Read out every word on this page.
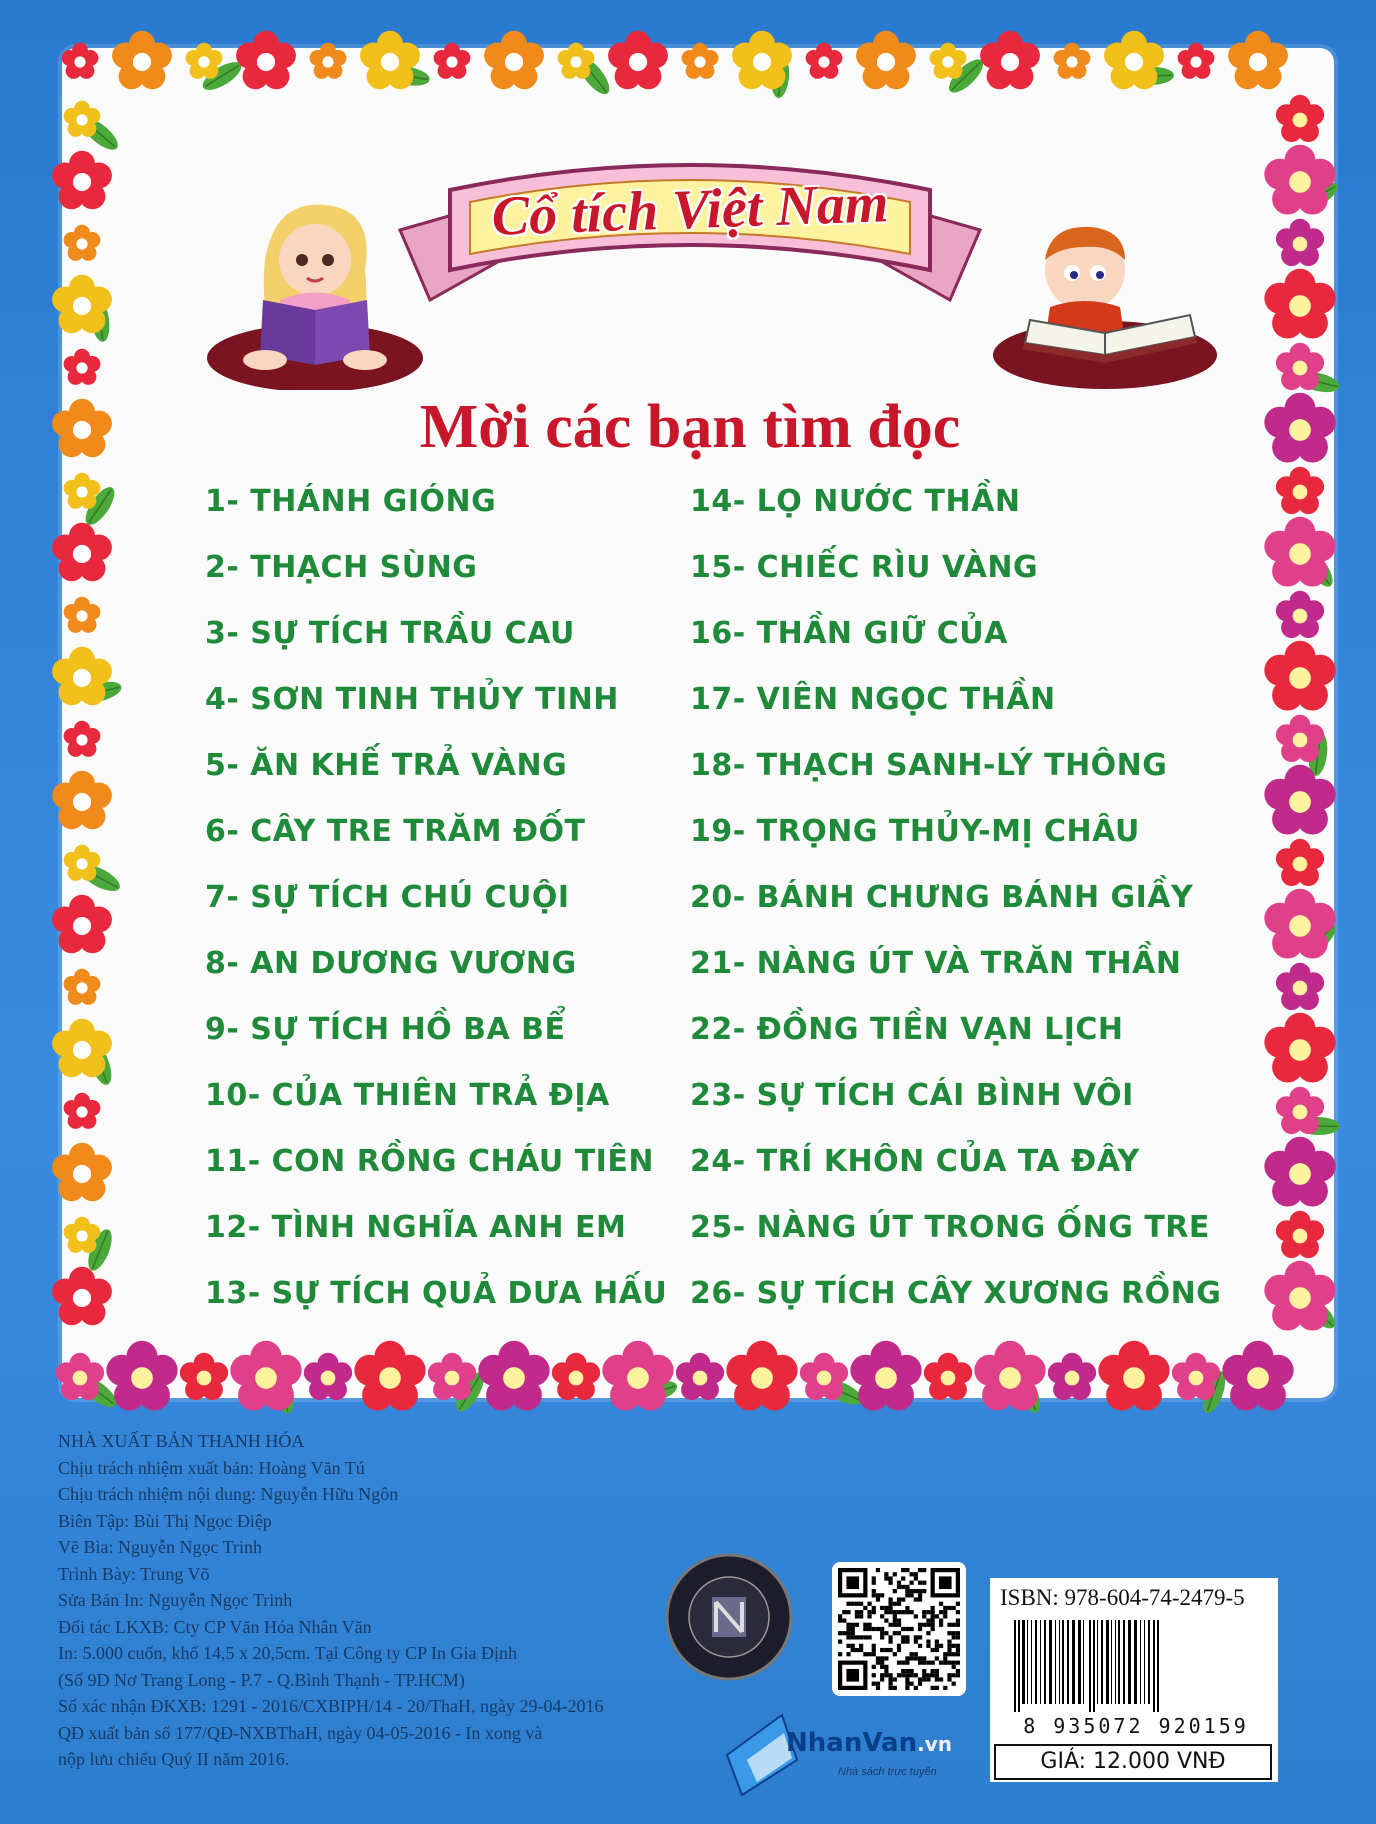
Cổ tích Việt Nam
Mời các bạn tìm đọc
1- THÁNH GIÓNG
2- THẠCH SÙNG
3- SỰ TÍCH TRẦU CAU
4- SƠN TINH THỦY TINH
5- ĂN KHẾ TRẢ VÀNG
6- CÂY TRE TRĂM ĐỐT
7- SỰ TÍCH CHÚ CUỘI
8- AN DƯƠNG VƯƠNG
9- SỰ TÍCH HỒ BA BỂ
10- CỦA THIÊN TRẢ ĐỊA
11- CON RỒNG CHÁU TIÊN
12- TÌNH NGHĨA ANH EM
13- SỰ TÍCH QUẢ DƯA HẤU
14- LỌ NƯỚC THẦN
15- CHIẾC RÌU VÀNG
16- THẦN GIỮ CỦA
17- VIÊN NGỌC THẦN
18- THẠCH SANH-LÝ THÔNG
19- TRỌNG THỦY-MỊ CHÂU
20- BÁNH CHƯNG BÁNH GIẦY
21- NÀNG ÚT VÀ TRĂN THẦN
22- ĐỒNG TIỀN VẠN LỊCH
23- SỰ TÍCH CÁI BÌNH VÔI
24- TRÍ KHÔN CỦA TA ĐÂY
25- NÀNG ÚT TRONG ỐNG TRE
26- SỰ TÍCH CÂY XƯƠNG RỒNG
NHÀ XUẤT BẢN THANH HÓA
Chịu trách nhiệm xuất bản: Hoàng Văn Tú
Chịu trách nhiệm nội dung: Nguyễn Hữu Ngôn
Biên Tập: Bùi Thị Ngọc Điệp
Vẽ Bìa: Nguyễn Ngọc Trinh
Trình Bày: Trung Võ
Sửa Bản In: Nguyễn Ngọc Trinh
Đối tác LKXB: Cty CP Văn Hóa Nhân Văn
In: 5.000 cuốn, khổ 14,5 x 20,5cm. Tại Công ty CP In Gia Định
(Số 9D Nơ Trang Long - P.7 - Q.Bình Thạnh - TP.HCM)
Số xác nhận ĐKXB: 1291 - 2016/CXBIPH/14 - 20/ThaH, ngày 29-04-2016
QĐ xuất bản số 177/QĐ-NXBThaH, ngày 04-05-2016 - In xong và
nộp lưu chiểu Quý II năm 2016.
NhanVan.vn
Nhà sách trực tuyến
ISBN: 978-604-74-2479-5
8 935072 920159
GIÁ: 12.000 VNĐ
